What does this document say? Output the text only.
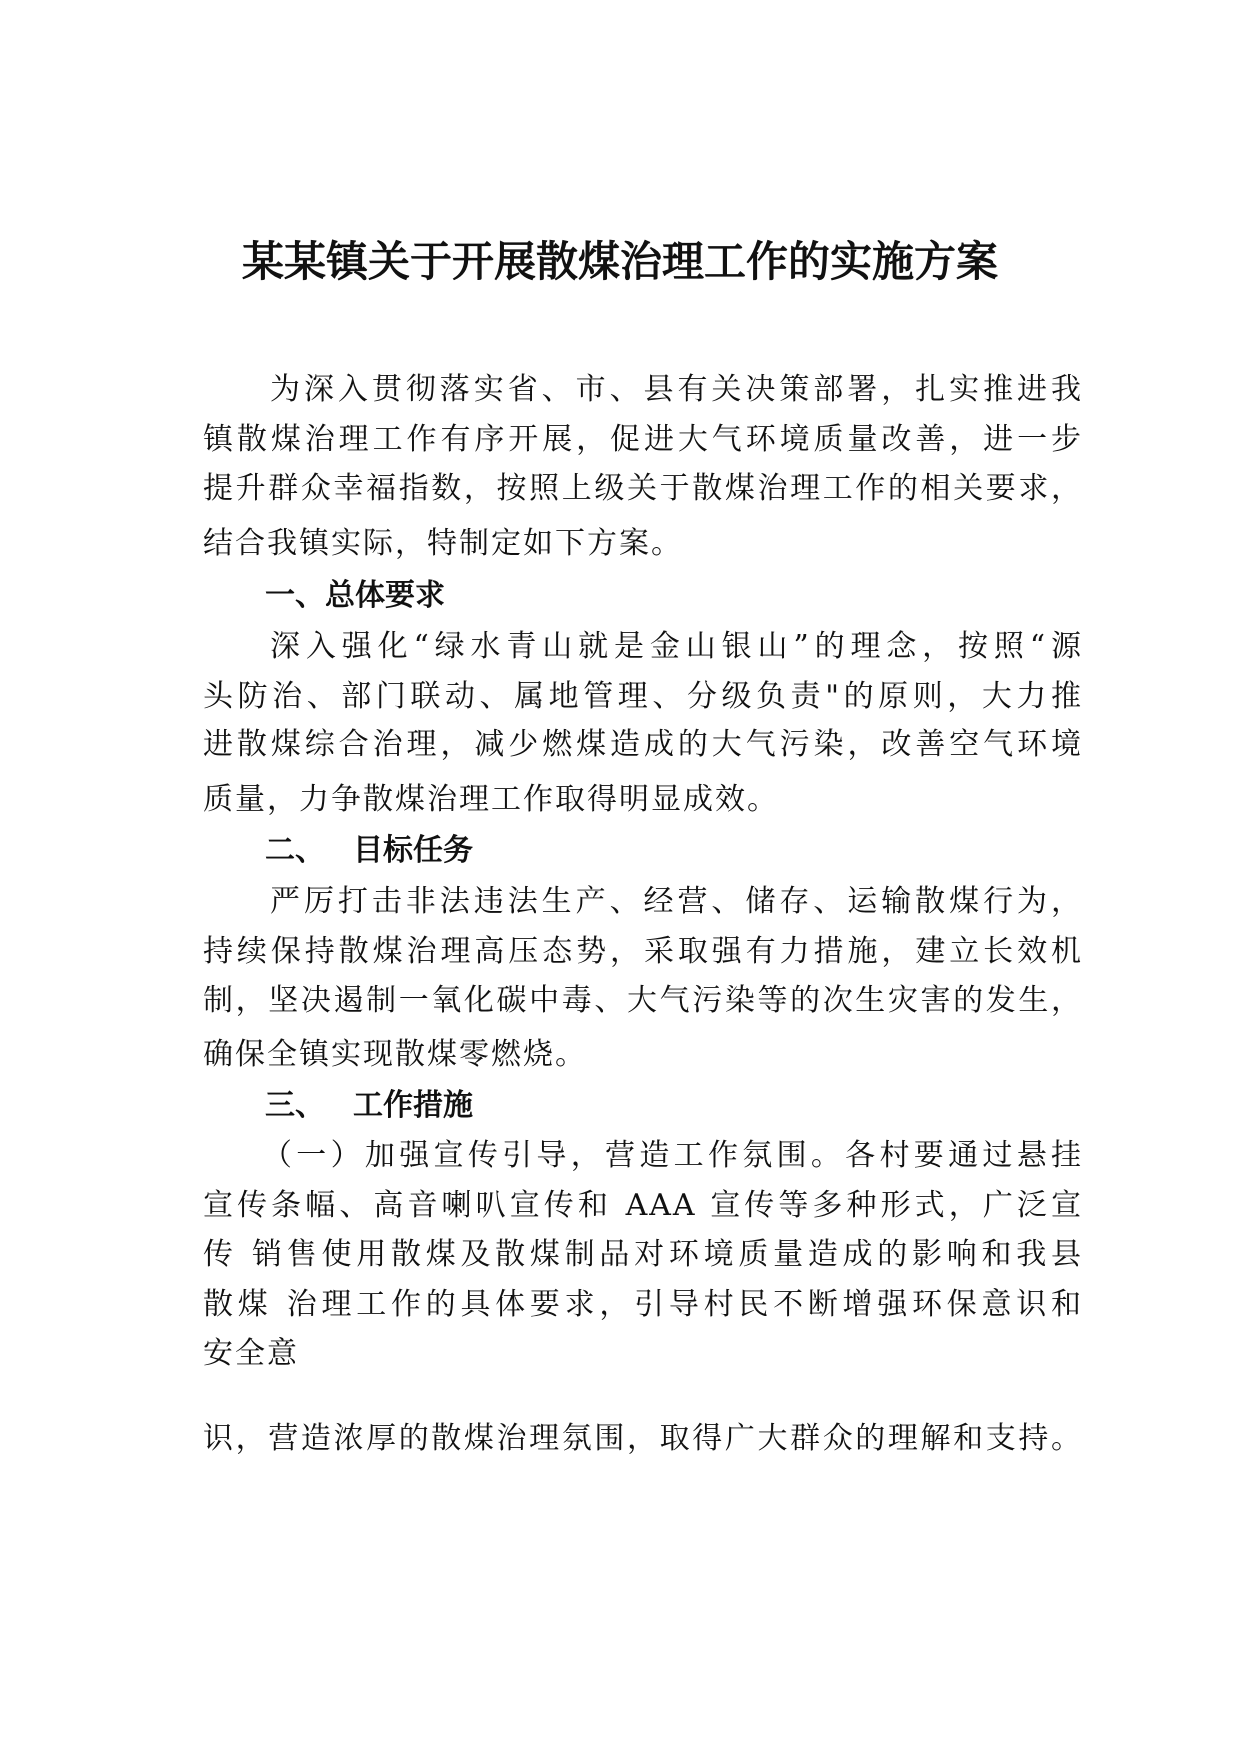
某某镇关于开展散煤治理工作的实施方案
为深入贯彻落实省、市、县有关决策部署，扎实推进我
镇散煤治理工作有序开展，促进大气环境质量改善，进一步
提升群众幸福指数，按照上级关于散煤治理工作的相关要求，
结合我镇实际，特制定如下方案。
一、总体要求
深入强化“绿水青山就是金山银山”的理念，按照“源
头防治、部门联动、属地管理、分级负责"的原则，大力推
进散煤综合治理，减少燃煤造成的大气污染，改善空气环境
质量，力争散煤治理工作取得明显成效。
二、 目标任务
严厉打击非法违法生产、经营、储存、运输散煤行为，
持续保持散煤治理高压态势，采取强有力措施，建立长效机
制，坚决遏制一氧化碳中毒、大气污染等的次生灾害的发生，
确保全镇实现散煤零燃烧。
三、 工作措施
（一）加强宣传引导，营造工作氛围。各村要通过悬挂
宣传条幅、高音喇叭宣传和 AAA 宣传等多种形式，广泛宣
传 销售使用散煤及散煤制品对环境质量造成的影响和我县
散煤 治理工作的具体要求，引导村民不断增强环保意识和
安全意
识，营造浓厚的散煤治理氛围，取得广大群众的理解和支持。
